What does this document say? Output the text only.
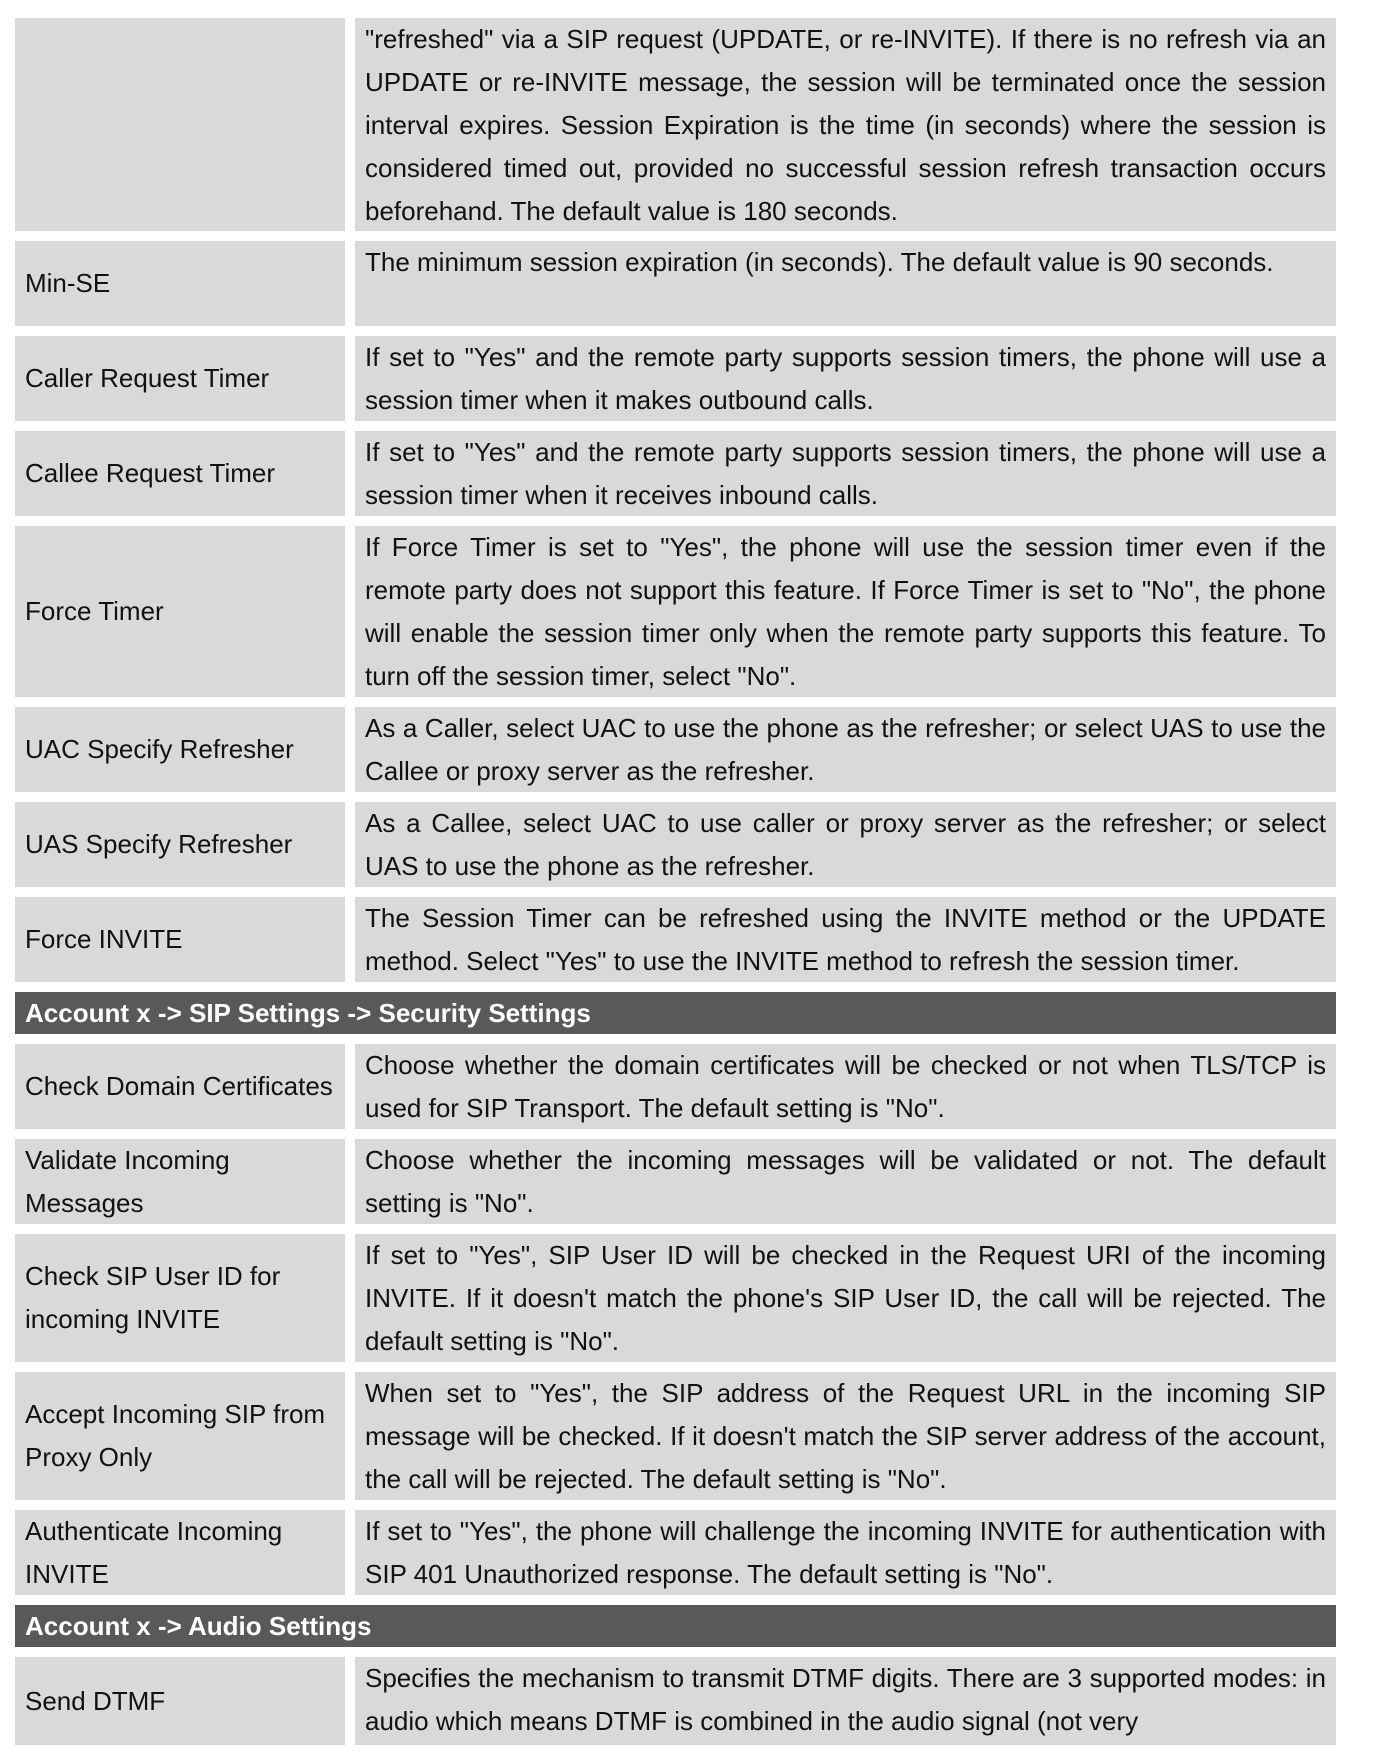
"refreshed" via a SIP request (UPDATE, or re-INVITE). If there is no refresh via an UPDATE or re-INVITE message, the session will be terminated once the session interval expires. Session Expiration is the time (in seconds) where the session is considered timed out, provided no successful session refresh transaction occurs beforehand. The default value is 180 seconds.
Min-SE
The minimum session expiration (in seconds). The default value is 90 seconds.
Caller Request Timer
If set to "Yes" and the remote party supports session timers, the phone will use a session timer when it makes outbound calls.
Callee Request Timer
If set to "Yes" and the remote party supports session timers, the phone will use a session timer when it receives inbound calls.
Force Timer
If Force Timer is set to "Yes", the phone will use the session timer even if the remote party does not support this feature. If Force Timer is set to "No", the phone will enable the session timer only when the remote party supports this feature. To turn off the session timer, select "No".
UAC Specify Refresher
As a Caller, select UAC to use the phone as the refresher; or select UAS to use the Callee or proxy server as the refresher.
UAS Specify Refresher
As a Callee, select UAC to use caller or proxy server as the refresher; or select UAS to use the phone as the refresher.
Force INVITE
The Session Timer can be refreshed using the INVITE method or the UPDATE method. Select "Yes" to use the INVITE method to refresh the session timer.
Account x -> SIP Settings -> Security Settings
Check Domain Certificates
Choose whether the domain certificates will be checked or not when TLS/TCP is used for SIP Transport. The default setting is "No".
Validate Incoming Messages
Choose whether the incoming messages will be validated or not. The default setting is "No".
Check SIP User ID for incoming INVITE
If set to "Yes", SIP User ID will be checked in the Request URI of the incoming INVITE. If it doesn't match the phone's SIP User ID, the call will be rejected. The default setting is "No".
Accept Incoming SIP from Proxy Only
When set to "Yes", the SIP address of the Request URL in the incoming SIP message will be checked. If it doesn't match the SIP server address of the account, the call will be rejected. The default setting is "No".
Authenticate Incoming INVITE
If set to "Yes", the phone will challenge the incoming INVITE for authentication with SIP 401 Unauthorized response. The default setting is "No".
Account x -> Audio Settings
Send DTMF
Specifies the mechanism to transmit DTMF digits. There are 3 supported modes: in audio which means DTMF is combined in the audio signal (not very
